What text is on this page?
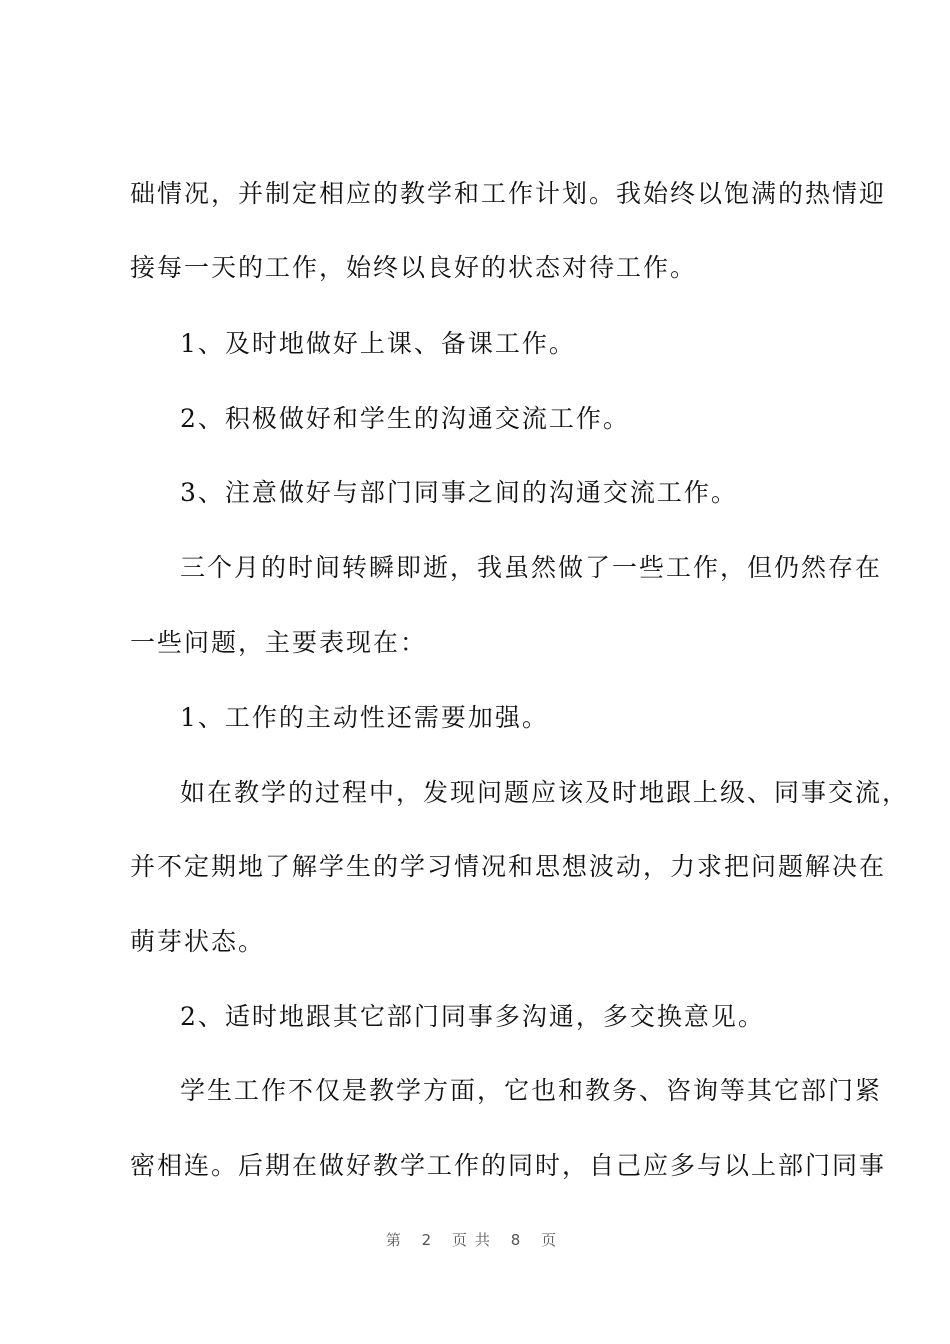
础情况，并制定相应的教学和工作计划。我始终以饱满的热情迎
接每一天的工作，始终以良好的状态对待工作。
1、及时地做好上课、备课工作。
2、积极做好和学生的沟通交流工作。
3、注意做好与部门同事之间的沟通交流工作。
三个月的时间转瞬即逝，我虽然做了一些工作，但仍然存在
一些问题，主要表现在：
1、工作的主动性还需要加强。
如在教学的过程中，发现问题应该及时地跟上级、同事交流，
并不定期地了解学生的学习情况和思想波动，力求把问题解决在
萌芽状态。
2、适时地跟其它部门同事多沟通，多交换意见。
学生工作不仅是教学方面，它也和教务、咨询等其它部门紧
密相连。后期在做好教学工作的同时，自己应多与以上部门同事
第 2 页共 8 页
